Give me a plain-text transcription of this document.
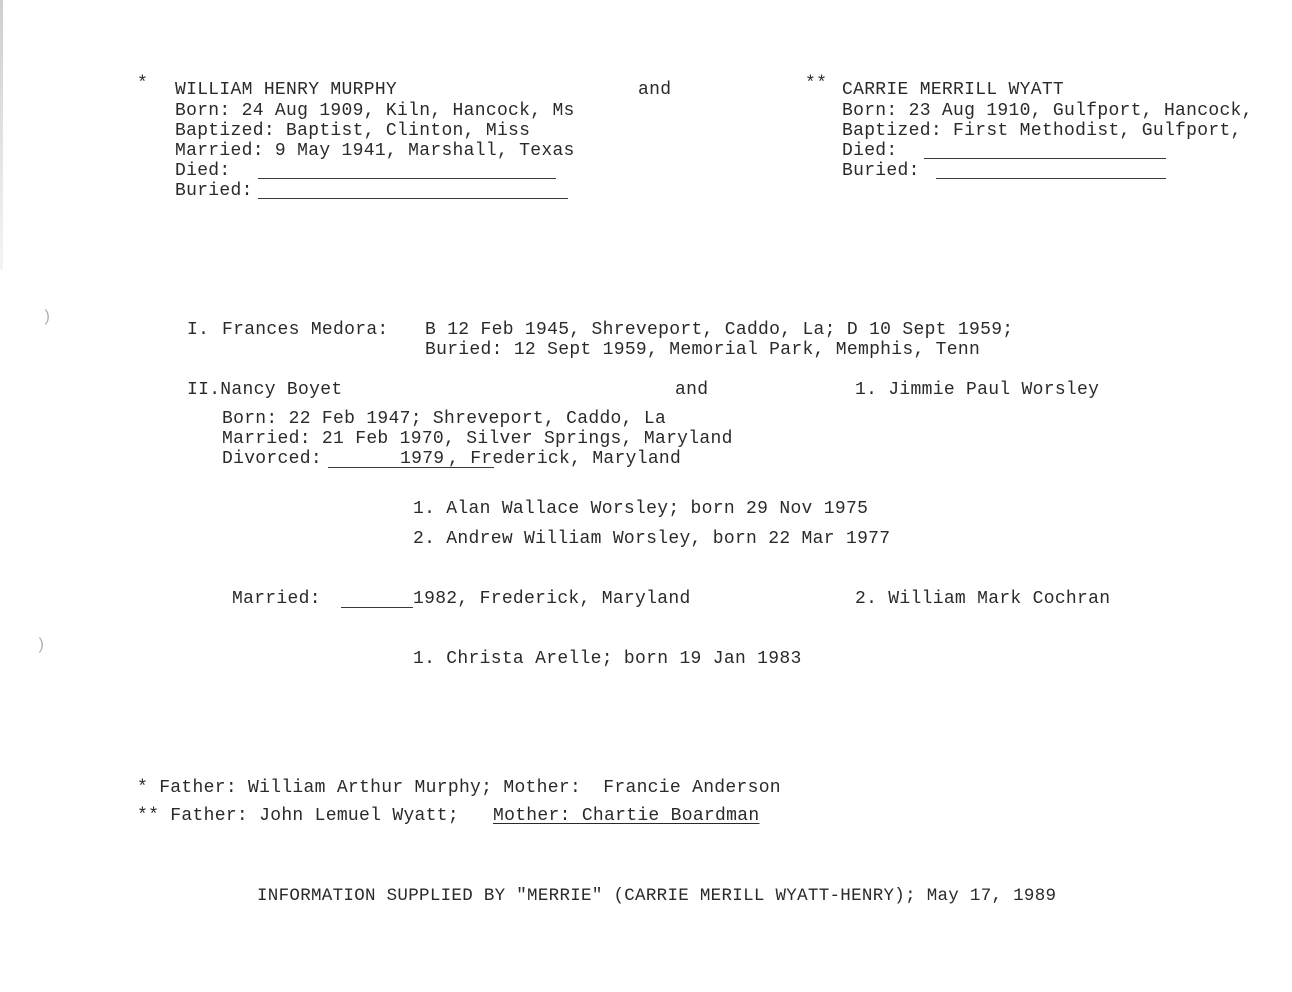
)
)
* WILLIAM HENRY MURPHY
Born: 24 Aug 1909, Kiln, Hancock, Ms
Baptized: Baptist, Clinton, Miss
Married: 9 May 1941, Marshall, Texas
Died:
Buried:
and	** CARRIE MERRILL WYATT
Born: 23 Aug 1910, Gulfport, Hancock,
Baptized: First Methodist, Gulfport,
Died:
Buried:
I. Frances Medora: B 12 Feb 1945, Shreveport, Caddo, La; D 10 Sept 1959;
Buried: 12 Sept 1959, Memorial Park, Memphis, Tenn
II.Nancy Boyet	and	1. Jimmie Paul Worsley
Born: 22 Feb 1947; Shreveport, Caddo, La
Married: 21 Feb 1970, Silver Springs, Maryland
Divorced:	1979 , Frederick, Maryland
1. Alan Wallace Worsley; born 29 Nov 1975
2. Andrew William Worsley, born 22 Mar 1977
Married:	1982, Frederick, Maryland	2. William Mark Cochran
1. Christa Arelle; born 19 Jan 1983
* Father: William Arthur Murphy; Mother:  Francie Anderson
** Father: John Lemuel Wyatt; Mother: Chartie Boardman
INFORMATION SUPPLIED BY "MERRIE" (CARRIE MERILL WYATT-HENRY); May 17, 1989
